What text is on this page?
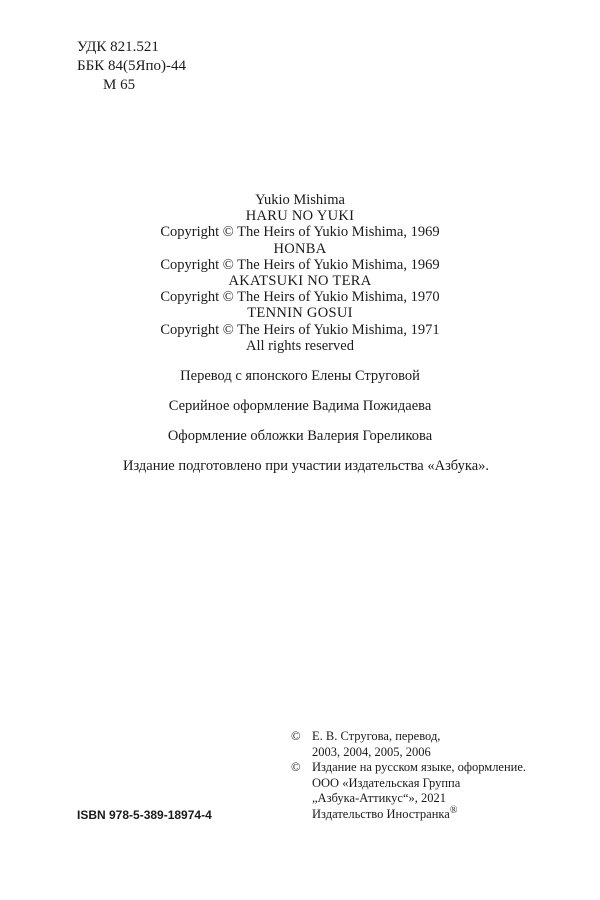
УДК 821.521
ББК 84(5Япо)-44
М 65
Yukio Mishima
HARU NO YUKI
Copyright © The Heirs of Yukio Mishima, 1969
HONBA
Copyright © The Heirs of Yukio Mishima, 1969
AKATSUKI NO TERA
Copyright © The Heirs of Yukio Mishima, 1970
TENNIN GOSUI
Copyright © The Heirs of Yukio Mishima, 1971
All rights reserved
Перевод с японского Елены Струговой
Серийное оформление Вадима Пожидаева
Оформление обложки Валерия Гореликова
Издание подготовлено при участии издательства «Азбука».
© Е. В. Стругова, перевод,
2003, 2004, 2005, 2006
© Издание на русском языке, оформление.
ООО «Издательская Группа
„Азбука-Аттикус“», 2021
Издательство Иностранка®
ISBN 978-5-389-18974-4
